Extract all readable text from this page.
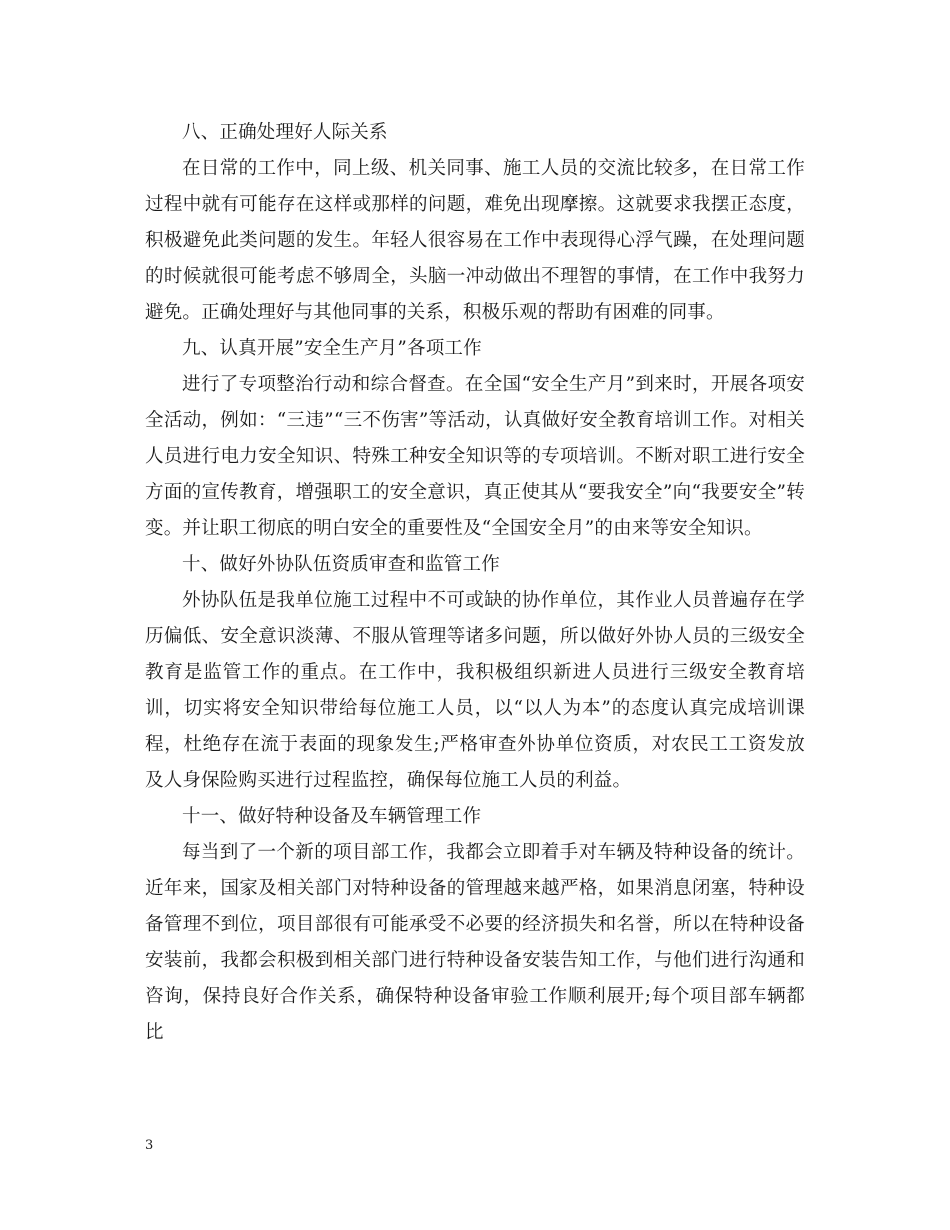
八、正确处理好人际关系

在日常的工作中，同上级、机关同事、施工人员的交流比较多，在日常工作过程中就有可能存在这样或那样的问题，难免出现摩擦。这就要求我摆正态度，积极避免此类问题的发生。年轻人很容易在工作中表现得心浮气躁，在处理问题的时候就很可能考虑不够周全，头脑一冲动做出不理智的事情，在工作中我努力避免。正确处理好与其他同事的关系，积极乐观的帮助有困难的同事。

九、认真开展”安全生产月”各项工作

进行了专项整治行动和综合督查。在全国“安全生产月”到来时，开展各项安全活动，例如：“三违”“三不伤害”等活动，认真做好安全教育培训工作。对相关人员进行电力安全知识、特殊工种安全知识等的专项培训。不断对职工进行安全方面的宣传教育，增强职工的安全意识，真正使其从“要我安全”向“我要安全”转变。并让职工彻底的明白安全的重要性及“全国安全月”的由来等安全知识。

十、做好外协队伍资质审查和监管工作

外协队伍是我单位施工过程中不可或缺的协作单位，其作业人员普遍存在学历偏低、安全意识淡薄、不服从管理等诸多问题，所以做好外协人员的三级安全教育是监管工作的重点。在工作中，我积极组织新进人员进行三级安全教育培训，切实将安全知识带给每位施工人员，以“以人为本”的态度认真完成培训课程，杜绝存在流于表面的现象发生;严格审查外协单位资质，对农民工工资发放及人身保险购买进行过程监控，确保每位施工人员的利益。

十一、做好特种设备及车辆管理工作

每当到了一个新的项目部工作，我都会立即着手对车辆及特种设备的统计。近年来，国家及相关部门对特种设备的管理越来越严格，如果消息闭塞，特种设备管理不到位，项目部很有可能承受不必要的经济损失和名誉，所以在特种设备安装前，我都会积极到相关部门进行特种设备安装告知工作，与他们进行沟通和咨询，保持良好合作关系，确保特种设备审验工作顺利展开;每个项目部车辆都比

3
